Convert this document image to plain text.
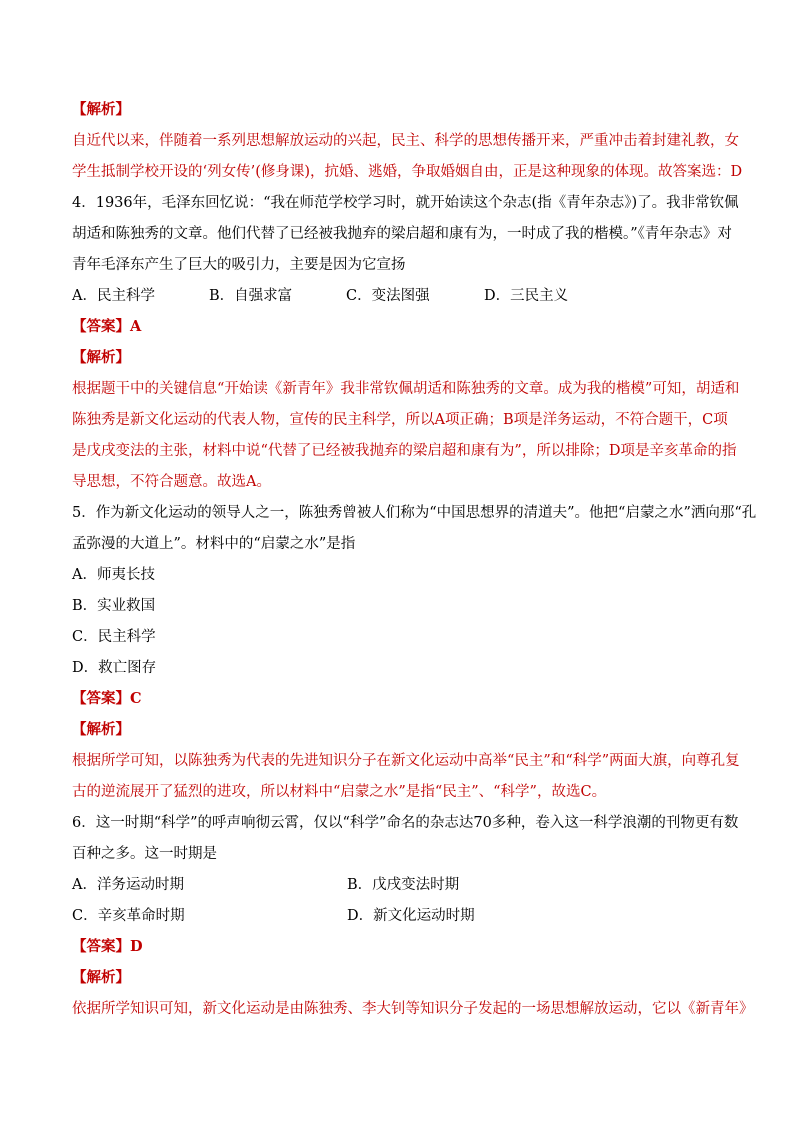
【解析】
自近代以来，伴随着一系列思想解放运动的兴起，民主、科学的思想传播开来，严重冲击着封建礼教，女
学生抵制学校开设的‘列女传’(修身课)，抗婚、逃婚，争取婚姻自由，正是这种现象的体现。故答案选：D
4．1936年，毛泽东回忆说：“我在师范学校学习时，就开始读这个杂志(指《青年杂志》)了。我非常钦佩
胡适和陈独秀的文章。他们代替了已经被我抛弃的梁启超和康有为，一时成了我的楷模。”《青年杂志》对
青年毛泽东产生了巨大的吸引力，主要是因为它宣扬
A．民主科学	B．自强求富	C．变法图强	D．三民主义
【答案】A
【解析】
根据题干中的关键信息“开始读《新青年》我非常钦佩胡适和陈独秀的文章。成为我的楷模”可知，胡适和
陈独秀是新文化运动的代表人物，宣传的民主科学，所以A项正确；B项是洋务运动，不符合题干，C项
是戊戌变法的主张，材料中说“代替了已经被我抛弃的梁启超和康有为”，所以排除；D项是辛亥革命的指
导思想，不符合题意。故选A。
5．作为新文化运动的领导人之一，陈独秀曾被人们称为“中国思想界的清道夫”。他把“启蒙之水”洒向那“孔
孟弥漫的大道上”。材料中的“启蒙之水”是指
A．师夷长技
B．实业救国
C．民主科学
D．救亡图存
【答案】C
【解析】
根据所学可知，以陈独秀为代表的先进知识分子在新文化运动中高举“民主”和“科学”两面大旗，向尊孔复
古的逆流展开了猛烈的进攻，所以材料中“启蒙之水”是指“民主”、“科学”，故选C。
6．这一时期“科学”的呼声响彻云霄，仅以“科学”命名的杂志达70多种，卷入这一科学浪潮的刊物更有数
百种之多。这一时期是
A．洋务运动时期	B．戊戌变法时期
C．辛亥革命时期	D．新文化运动时期
【答案】D
【解析】
依据所学知识可知，新文化运动是由陈独秀、李大钊等知识分子发起的一场思想解放运动，它以《新青年》
